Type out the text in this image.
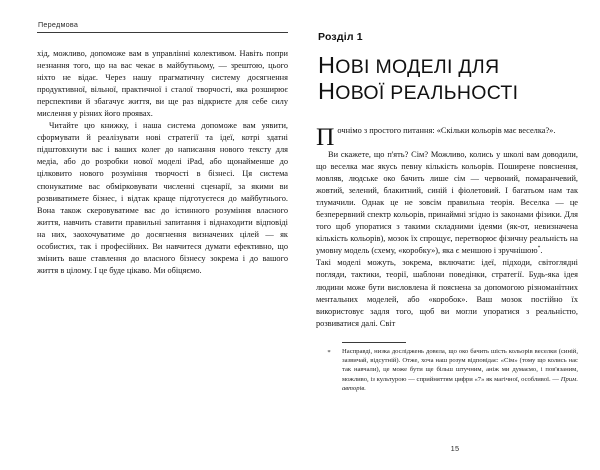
Передмова

хід, можливо, допоможе вам в управлінні колективом. Навіть попри незнання того, що на вас чекає в майбутньому, — зрештою, цього ніхто не відає. Через нашу прагматичну систему досягнення продуктивної, вільної, практичної і сталої творчості, яка розширює перспективи й збагачує життя, ви ще раз відкриєте для себе силу мислення у різних його проявах.

Читайте цю книжку, і наша система допоможе вам уявити, сформувати й реалізувати нові стратегії та ідеї, котрі здатні підштовхнути вас і ваших колег до написання нового тексту для медіа, або до розробки нової моделі iPad, або щонайменше до цілковито нового розуміння творчості в бізнесі. Ця система спонукатиме вас обмірковувати численні сценарії, за якими ви розвиватимете бізнес, і відтак краще підготуєтеся до майбутнього. Вона також скеровуватиме вас до істинного розуміння власного життя, навчить ставити правильні запитання і віднаходити відповіді на них, заохочуватиме до досягнення визначених цілей — як особистих, так і професійних. Ви навчитеся думати ефективно, що змінить ваше ставлення до власного бізнесу зокрема і до вашого життя в цілому. І це буде цікаво. Ми обіцяємо.

Розділ 1
НОВІ МОДЕЛІ ДЛЯ
НОВОЇ РЕАЛЬНОСТІ

Почнімо з простого питання: «Скільки кольорів має веселка?».

Ви скажете, що п'ять? Сім? Можливо, колись у школі вам доводили, що веселка має якусь певну кількість кольорів. Поширене пояснення, мовляв, людське око бачить лише сім — червоний, помаранчевий, жовтий, зелений, блакитний, синій і фіолетовий. І багатьом нам так тлумачили. Однак це не зовсім правильна теорія. Веселка — це безперервний спектр кольорів, принаймні згідно із законами фізики. Для того щоб упоратися з такими складними ідеями (як-от, невизначена кількість кольорів), мозок їх спрощує, перетворює фізичну реальність на умовну модель (схему, «коробку»), яка є меншою і зручнішою*.

Такі моделі можуть, зокрема, включати: ідеї, підходи, світоглядні погляди, тактики, теорії, шаблони поведінки, стратегії. Будь-яка ідея людини може бути висловлена й пояснена за допомогою різноманітних ментальних моделей, або «коробок». Ваш мозок постійно їх використовує задля того, щоб ви могли упоратися з реальністю, розвиватися далі. Світ

*	Насправді, низка досліджень довела, що око бачить шість кольорів веселки (синій, зазвичай, відсутній). Отже, хоча наш розум відповідає: «Сім» (тому що колись нас так навчали), це може бути ще більш штучним, аніж ми думаємо, і пов'язаним, можливо, із культурою — сприйняттям цифри «7» як магічної, особливої. — Прим. авторів.

15
